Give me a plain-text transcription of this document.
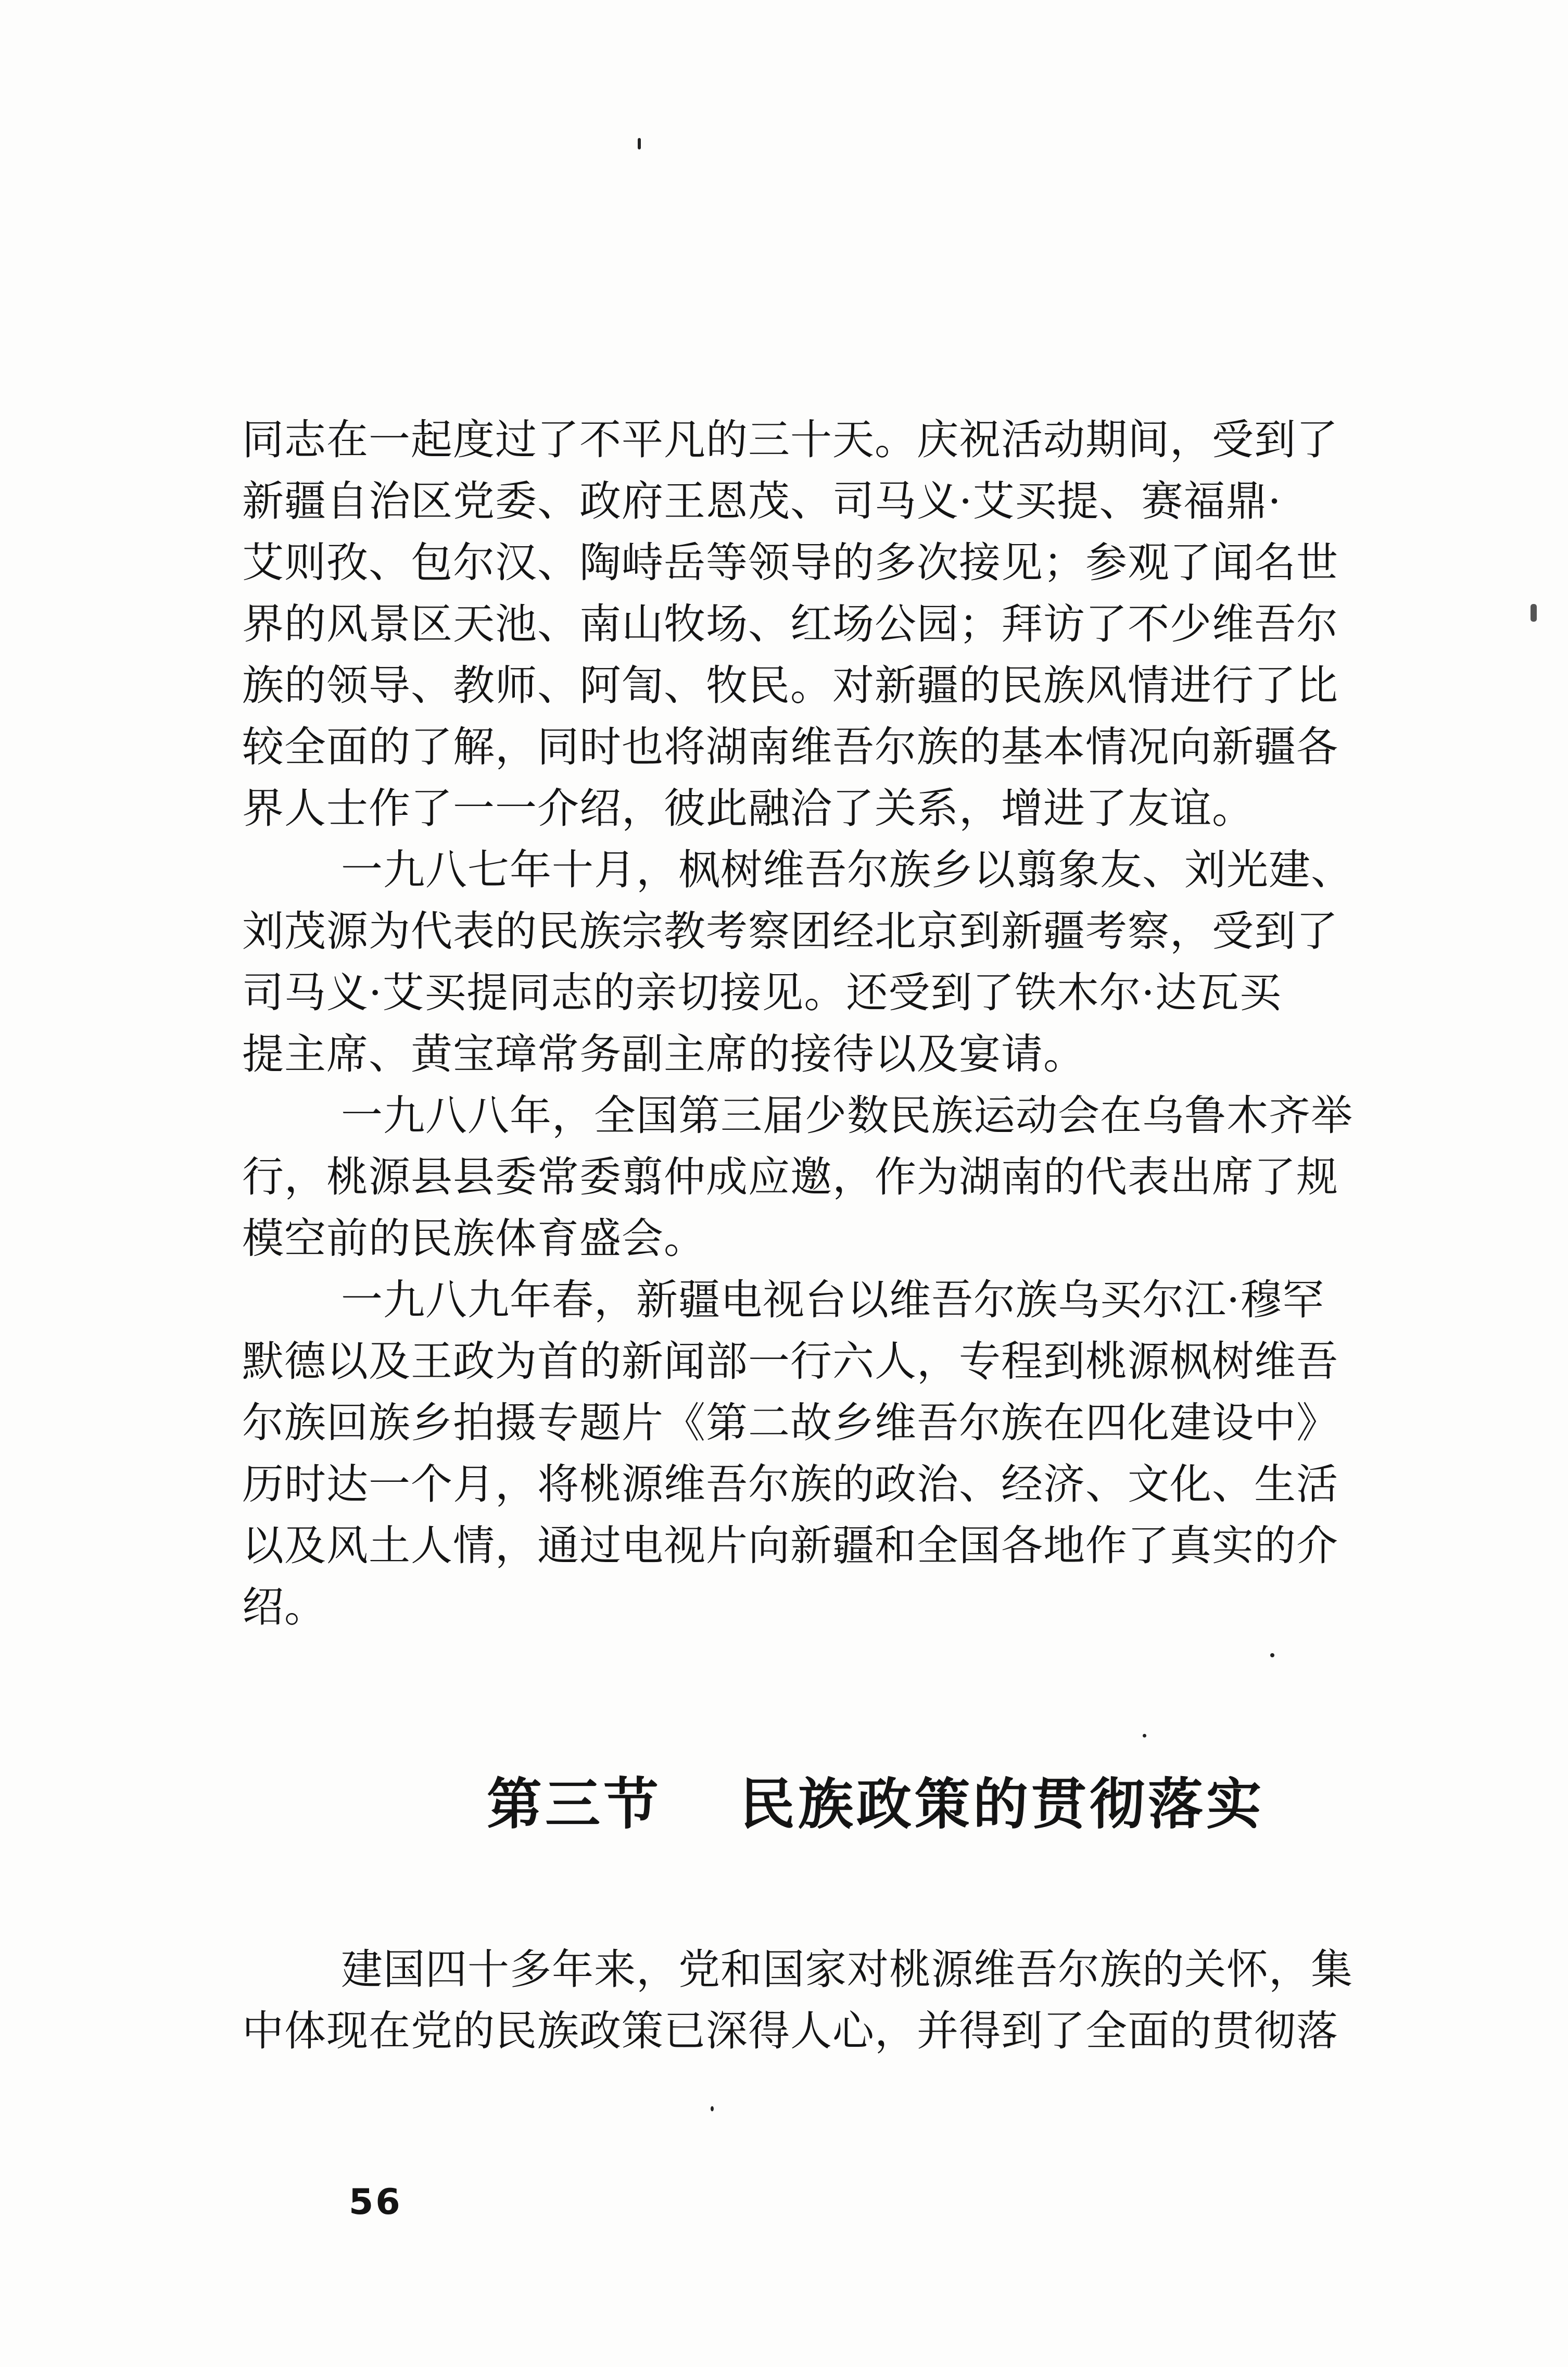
同志在一起度过了不平凡的三十天。庆祝活动期间，受到了
新疆自治区党委、政府王恩茂、司马义·艾买提、赛福鼎·
艾则孜、包尔汉、陶峙岳等领导的多次接见；参观了闻名世
界的风景区天池、南山牧场、红场公园；拜访了不少维吾尔
族的领导、教师、阿訇、牧民。对新疆的民族风情进行了比
较全面的了解，同时也将湖南维吾尔族的基本情况向新疆各
界人士作了一一介绍，彼此融洽了关系，增进了友谊。
一九八七年十月，枫树维吾尔族乡以翦象友、刘光建、
刘茂源为代表的民族宗教考察团经北京到新疆考察，受到了
司马义·艾买提同志的亲切接见。还受到了铁木尔·达瓦买
提主席、黄宝璋常务副主席的接待以及宴请。
一九八八年，全国第三届少数民族运动会在乌鲁木齐举
行，桃源县县委常委翦仲成应邀，作为湖南的代表出席了规
模空前的民族体育盛会。
一九八九年春，新疆电视台以维吾尔族乌买尔江·穆罕
默德以及王政为首的新闻部一行六人，专程到桃源枫树维吾
尔族回族乡拍摄专题片《第二故乡维吾尔族在四化建设中》
历时达一个月，将桃源维吾尔族的政治、经济、文化、生活
以及风土人情，通过电视片向新疆和全国各地作了真实的介
绍。
第三节 民族政策的贯彻落实
建国四十多年来，党和国家对桃源维吾尔族的关怀，集
中体现在党的民族政策已深得人心，并得到了全面的贯彻落
56
